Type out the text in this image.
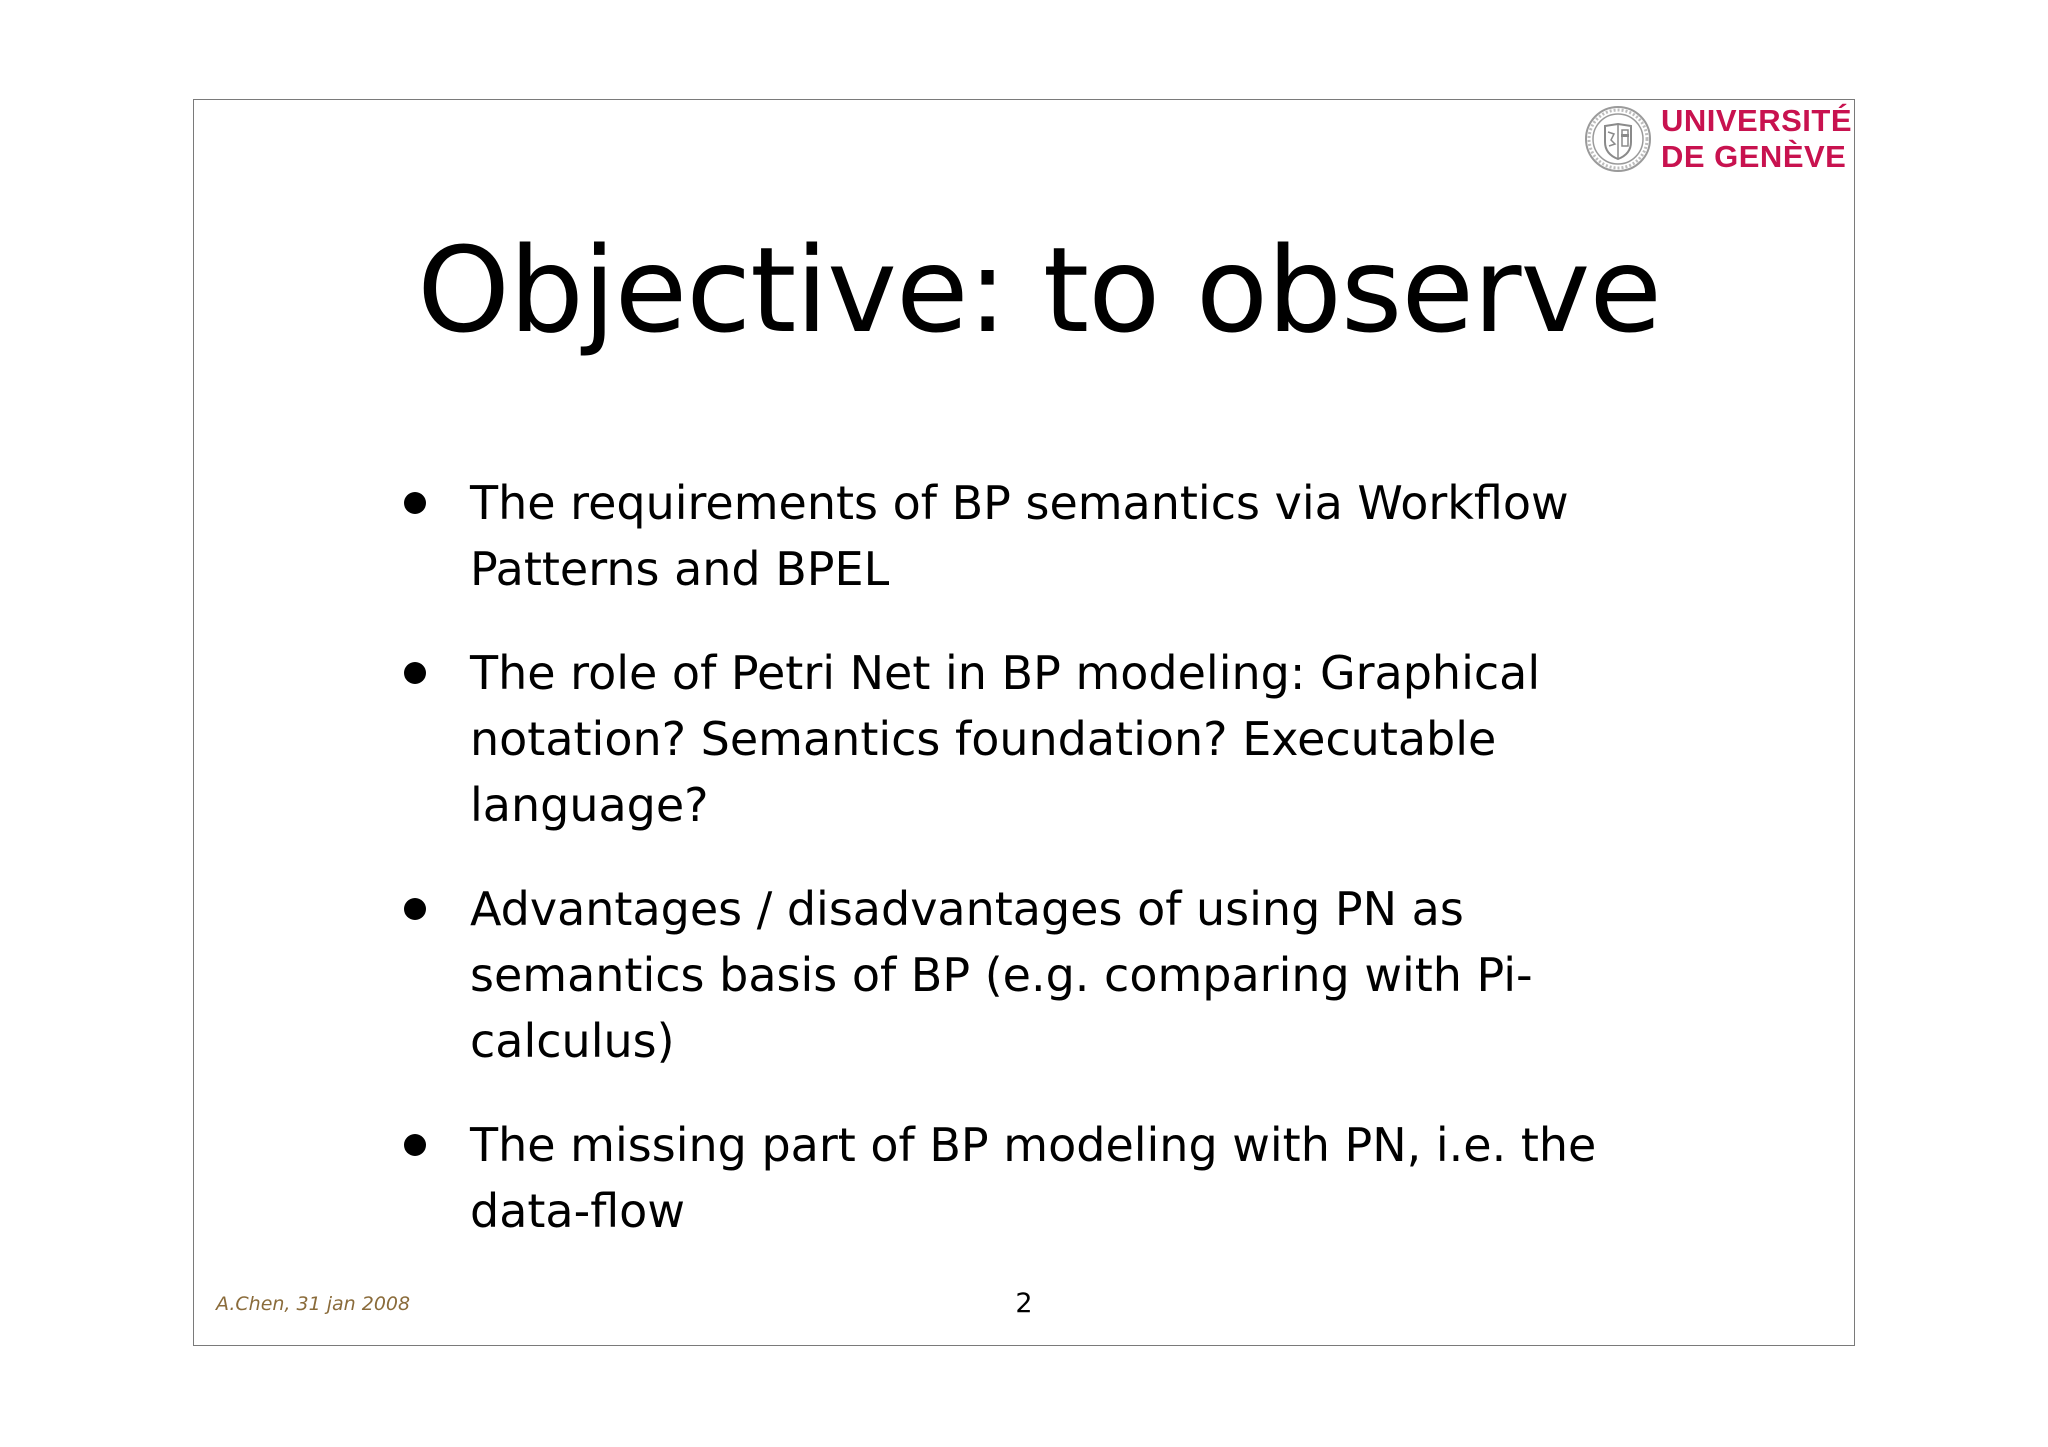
UNIVERSITÉ
DE GENÈVE
Objective: to observe
The requirements of BP semantics via Workflow Patterns and BPEL
The role of Petri Net in BP modeling: Graphical notation? Semantics foundation? Executable language?
Advantages / disadvantages of using PN as semantics basis of BP (e.g. comparing with Pi-calculus)
The missing part of BP modeling with PN, i.e. the data-flow
A.Chen, 31 jan 2008	2
